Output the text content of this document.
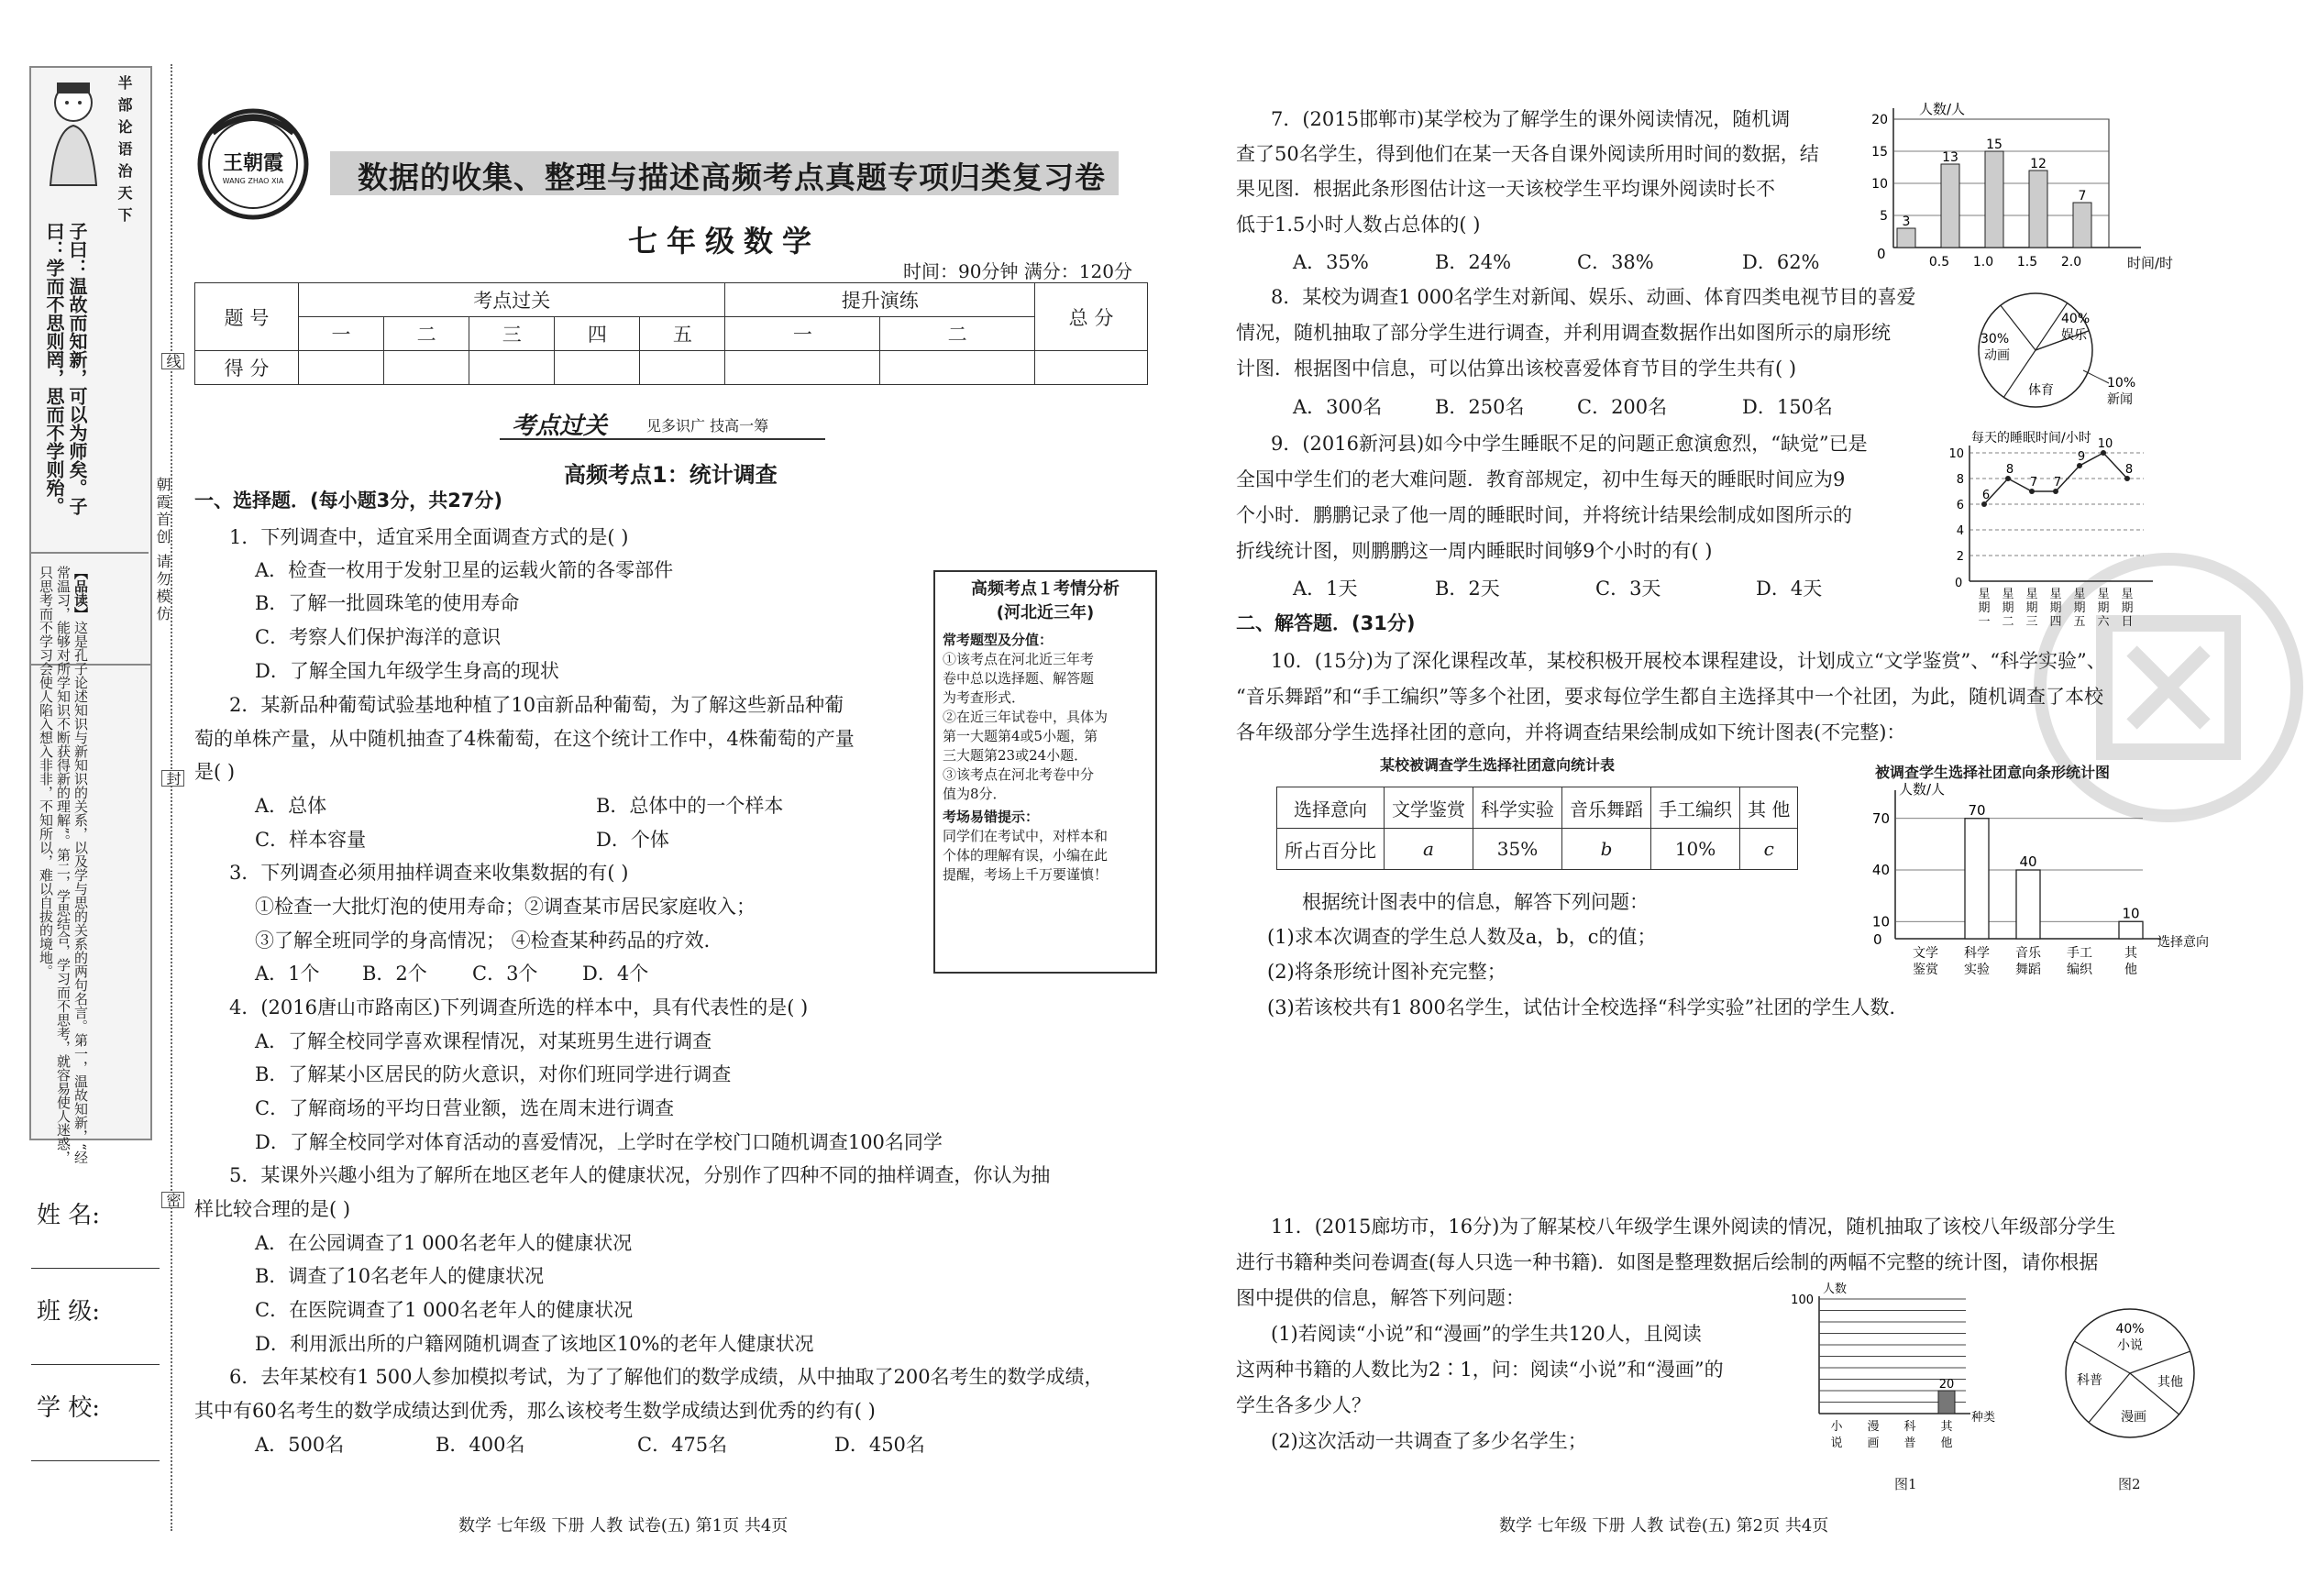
半部论语治天下
子曰：温故而知新，可以为师矣。子曰：学而不思则罔，思而不学则殆。
【品读】这是孔子论述知识与新知识的关系，以及学与思的关系的两句名言。第一，温故知新，“经常温习，能够对所学知识不断获得新的理解”。第二，学思结合，学习而不思考，就容易使人迷惑，只思考而不学习会使人陷入想入非非，不知所以，难以自拔的境地。
姓 名:
班 级:
学 校:
线
封
密
朝霞首创 请勿模仿
王朝霞
WANG ZHAO XIA 数据的收集、整理与描述高频考点真题专项归类复习卷
七年级数学
时间：90分钟 满分：120分
题 号	考点过关					提升演练		总 分
	一	二	三	四	五	一	二	
得 分								
考点过关	见多识广 技高一筹
高频考点1：统计调查
一、选择题．(每小题3分，共27分)
1．下列调查中，适宜采用全面调查方式的是( )
A．检查一枚用于发射卫星的运载火箭的各零部件
B．了解一批圆珠笔的使用寿命
C．考察人们保护海洋的意识
D．了解全国九年级学生身高的现状
2．某新品种葡萄试验基地种植了10亩新品种葡萄，为了解这些新品种葡
萄的单株产量，从中随机抽查了4株葡萄，在这个统计工作中，4株葡萄的产量
是( )
A．总体	B．总体中的一个样本
C．样本容量	D．个体
3．下列调查必须用抽样调查来收集数据的有( )
①检查一大批灯泡的使用寿命；②调查某市居民家庭收入；
③了解全班同学的身高情况； ④检查某种药品的疗效．
A．1个 B．2个 C．3个 D．4个
4．(2016唐山市路南区)下列调查所选的样本中，具有代表性的是( )
A．了解全校同学喜欢课程情况，对某班男生进行调查
B．了解某小区居民的防火意识，对你们班同学进行调查
C．了解商场的平均日营业额，选在周末进行调查
D．了解全校同学对体育活动的喜爱情况，上学时在学校门口随机调查100名同学
5．某课外兴趣小组为了解所在地区老年人的健康状况，分别作了四种不同的抽样调查，你认为抽
样比较合理的是( )
A．在公园调查了1 000名老年人的健康状况
B．调查了10名老年人的健康状况
C．在医院调查了1 000名老年人的健康状况
D．利用派出所的户籍网随机调查了该地区10%的老年人健康状况
6．去年某校有1 500人参加模拟考试，为了了解他们的数学成绩，从中抽取了200名考生的数学成绩，
其中有60名考生的数学成绩达到优秀，那么该校考生数学成绩达到优秀的约有( )
A．500名	B．400名	C．475名	D．450名
高频考点１考情分析
(河北近三年)
常考题型及分值：
①该考点在河北近三年考
卷中总以选择题、解答题
为考查形式．
②在近三年试卷中，具体为
第一大题第4或5小题，第
三大题第23或24小题．
③该考点在河北考卷中分
值为8分．
考场易错提示：
同学们在考试中，对样本和
个体的理解有误，小编在此
提醒，考场上千万要谨慎！
数学 七年级 下册 人教 试卷(五) 第1页 共4页
7．(2015邯郸市)某学校为了解学生的课外阅读情况，随机调
查了50名学生，得到他们在某一天各自课外阅读所用时间的数据，结
果见图．根据此条形图估计这一天该校学生平均课外阅读时长不
低于1.5小时人数占总体的( )
A．35%	B．24%	C．38%	D．62%
人数/人
时间/时
0
5
10
15
20
3
13
15
12
7
0.5 1.0 1.5 2.0
8．某校为调查1 000名学生对新闻、娱乐、动画、体育四类电视节目的喜爱
情况，随机抽取了部分学生进行调查，并利用调查数据作出如图所示的扇形统
计图．根据图中信息，可以估算出该校喜爱体育节目的学生共有( )
A．300名	B．250名	C．200名	D．150名
40%
娱乐
30%
动画
体育	10%
新闻
9．(2016新河县)如今中学生睡眠不足的问题正愈演愈烈，“缺觉”已是
全国中学生们的老大难问题．教育部规定，初中生每天的睡眠时间应为9
个小时．鹏鹏记录了他一周的睡眠时间，并将统计结果绘制成如图所示的
折线统计图，则鹏鹏这一周内睡眠时间够9个小时的有( )
A．1天	B．2天	C．3天	D．4天
每天的睡眠时间/小时
0
2
4
6
8
10
6
8
7 7
9
10
8
星期一
星期二
星期三
星期四
星期五
星期六
星期日
二、解答题．(31分)
10．(15分)为了深化课程改革，某校积极开展校本课程建设，计划成立“文学鉴赏”、“科学实验”、
“音乐舞蹈”和“手工编织”等多个社团，要求每位学生都自主选择其中一个社团，为此，随机调查了本校
各年级部分学生选择社团的意向，并将调查结果绘制成如下统计图表(不完整)：
某校被调查学生选择社团意向统计表
选择意向	文学鉴赏	科学实验	音乐舞蹈	手工编织	其 他
所占百分比	a	35%	b	10%	c
根据统计图表中的信息，解答下列问题：
(1)求本次调查的学生总人数及a，b，c的值；
(2)将条形统计图补充完整；
(3)若该校共有1 800名学生，试估计全校选择“科学实验”社团的学生人数.
被调查学生选择社团意向条形统计图
人数/人
选择意向
0
10
40
70
文学
鉴赏
70
科学
实验
40
音乐
舞蹈
手工
编织
10
其
他
11．(2015廊坊市，16分)为了解某校八年级学生课外阅读的情况，随机抽取了该校八年级部分学生
进行书籍种类问卷调查(每人只选一种书籍)．如图是整理数据后绘制的两幅不完整的统计图，请你根据
图中提供的信息，解答下列问题：
(1)若阅读“小说”和“漫画”的学生共120人，且阅读
这两种书籍的人数比为2∶1，问：阅读“小说”和“漫画”的
学生各多少人？
(2)这次活动一共调查了多少名学生；
人数
种类
100
小
说
漫
画
科
普
20
其
他
图1
40%
小说
科普	其他
漫画
图2
数学 七年级 下册 人教 试卷(五) 第2页 共4页
